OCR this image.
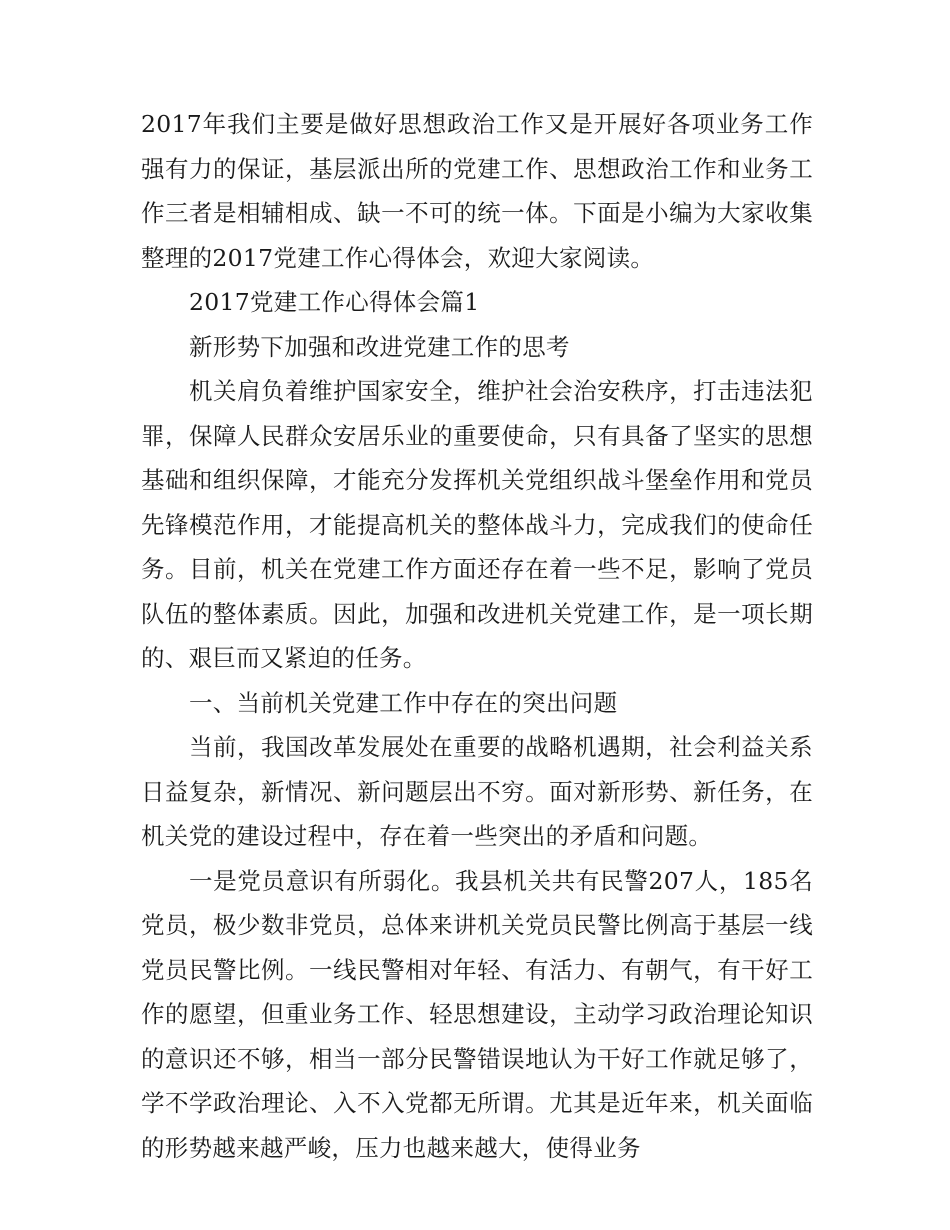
2017年我们主要是做好思想政治工作又是开展好各项业务工作强有力的保证，基层派出所的党建工作、思想政治工作和业务工作三者是相辅相成、缺一不可的统一体。下面是小编为大家收集整理的2017党建工作心得体会，欢迎大家阅读。

2017党建工作心得体会篇1

新形势下加强和改进党建工作的思考

机关肩负着维护国家安全，维护社会治安秩序，打击违法犯罪，保障人民群众安居乐业的重要使命，只有具备了坚实的思想基础和组织保障，才能充分发挥机关党组织战斗堡垒作用和党员先锋模范作用，才能提高机关的整体战斗力，完成我们的使命任务。目前，机关在党建工作方面还存在着一些不足，影响了党员队伍的整体素质。因此，加强和改进机关党建工作，是一项长期的、艰巨而又紧迫的任务。

一、当前机关党建工作中存在的突出问题

当前，我国改革发展处在重要的战略机遇期，社会利益关系日益复杂，新情况、新问题层出不穷。面对新形势、新任务，在机关党的建设过程中，存在着一些突出的矛盾和问题。

一是党员意识有所弱化。我县机关共有民警207人，185名党员，极少数非党员，总体来讲机关党员民警比例高于基层一线党员民警比例。一线民警相对年轻、有活力、有朝气，有干好工作的愿望，但重业务工作、轻思想建设，主动学习政治理论知识的意识还不够，相当一部分民警错误地认为干好工作就足够了，学不学政治理论、入不入党都无所谓。尤其是近年来，机关面临的形势越来越严峻，压力也越来越大，使得业务
